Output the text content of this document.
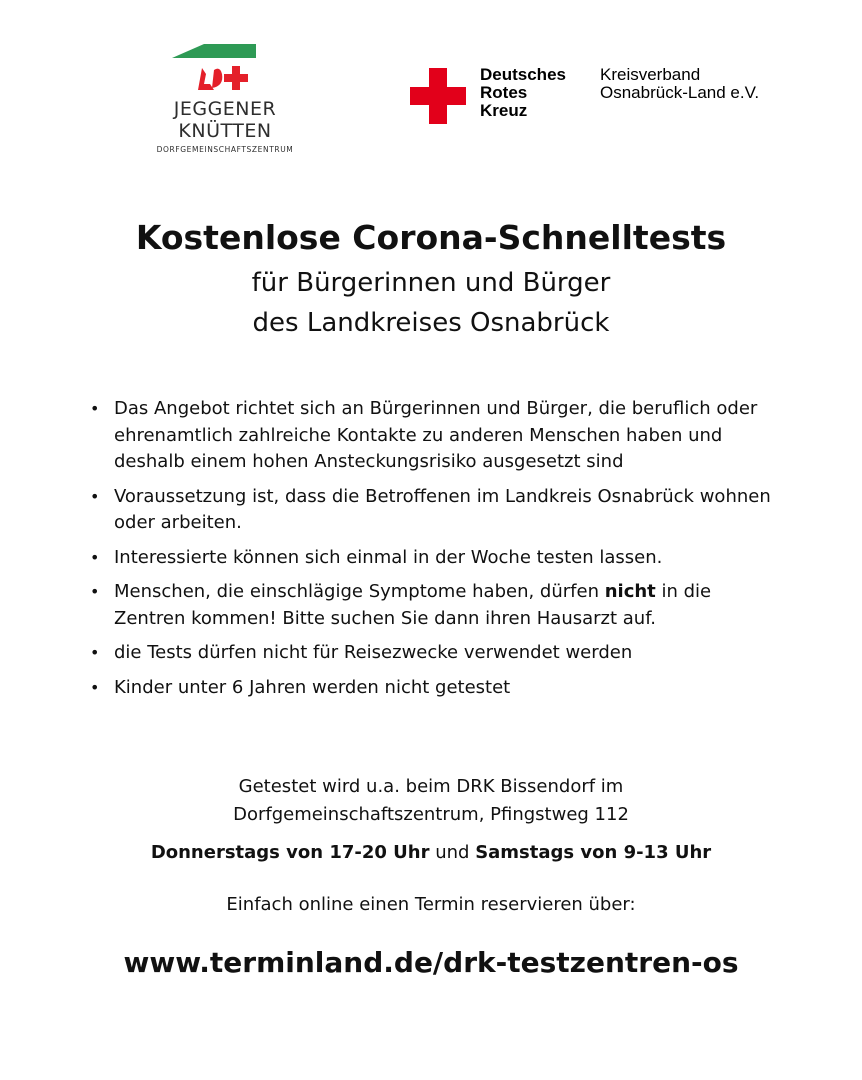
JEGGENER
KNÜTTEN
DORFGEMEINSCHAFTSZENTRUM
Deutsches
Rotes
Kreuz
Kreisverband
Osnabrück-Land e.V.
Kostenlose Corona-Schnelltests
für Bürgerinnen und Bürger
des Landkreises Osnabrück
• Das Angebot richtet sich an Bürgerinnen und Bürger, die beruflich oder ehrenamtlich zahlreiche Kontakte zu anderen Menschen haben und deshalb einem hohen Ansteckungsrisiko ausgesetzt sind
• Voraussetzung ist, dass die Betroffenen im Landkreis Osnabrück wohnen oder arbeiten.
• Interessierte können sich einmal in der Woche testen lassen.
• Menschen, die einschlägige Symptome haben, dürfen nicht in die Zentren kommen! Bitte suchen Sie dann ihren Hausarzt auf.
• die Tests dürfen nicht für Reisezwecke verwendet werden
• Kinder unter 6 Jahren werden nicht getestet
Getestet wird u.a. beim DRK Bissendorf im
Dorfgemeinschaftszentrum, Pfingstweg 112
Donnerstags von 17-20 Uhr und Samstags von 9-13 Uhr
Einfach online einen Termin reservieren über:
www.terminland.de/drk-testzentren-os
